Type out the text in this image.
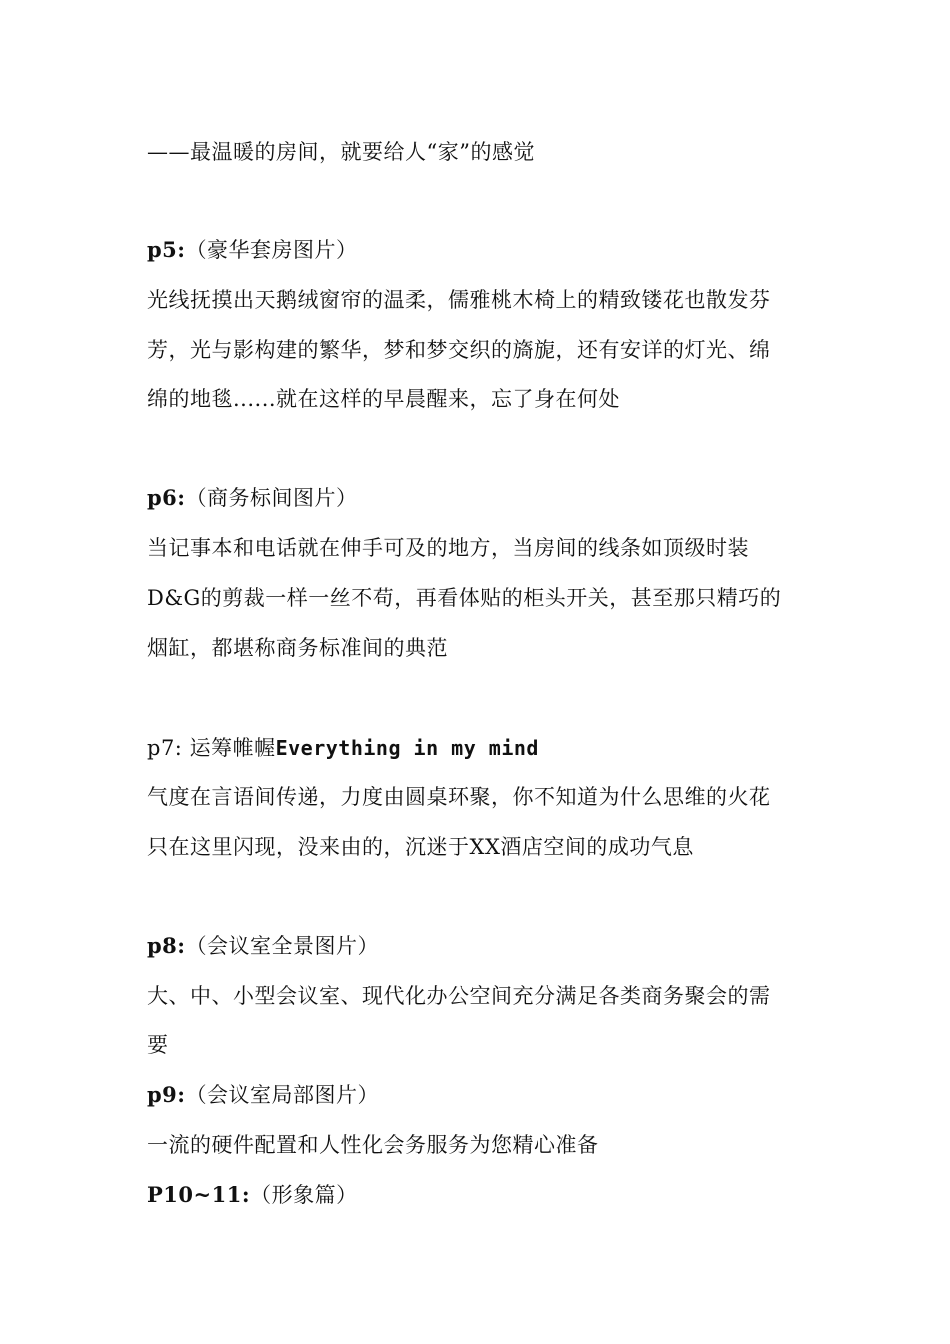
——最温暖的房间，就要给人“家”的感觉
p5:（豪华套房图片）
光线抚摸出天鹅绒窗帘的温柔，儒雅桃木椅上的精致镂花也散发芬
芳，光与影构建的繁华，梦和梦交织的旖旎，还有安详的灯光、绵
绵的地毯......就在这样的早晨醒来，忘了身在何处
p6:（商务标间图片）
当记事本和电话就在伸手可及的地方，当房间的线条如顶级时装
D&G的剪裁一样一丝不苟，再看体贴的柜头开关，甚至那只精巧的
烟缸，都堪称商务标准间的典范
p7: 运筹帷幄Everything in my mind
气度在言语间传递，力度由圆桌环聚，你不知道为什么思维的火花
只在这里闪现，没来由的，沉迷于XX酒店空间的成功气息
p8:（会议室全景图片）
大、中、小型会议室、现代化办公空间充分满足各类商务聚会的需
要
p9:（会议室局部图片）
一流的硬件配置和人性化会务服务为您精心准备
P10~11:（形象篇）
